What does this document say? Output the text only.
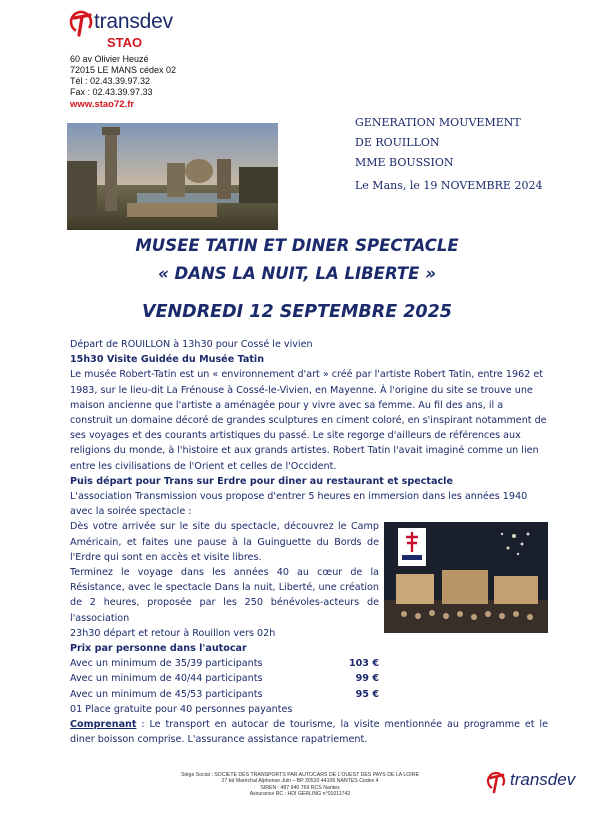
transdev
STAO
60 av Olivier Heuzé
72015 LE MANS cédex 02
Tél : 02.43.39.97.32
Fax : 02.43.39.97.33
www.stao72.fr
GENERATION MOUVEMENT
DE ROUILLON
MME BOUSSION
Le Mans, le 19 NOVEMBRE 2024
MUSEE TATIN ET DINER SPECTACLE
« DANS LA NUIT, LA LIBERTE »
VENDREDI 12 SEPTEMBRE 2025

Départ de ROUILLON à 13h30 pour Cossé le vivien

15h30 Visite Guidée du Musée Tatin

Le musée Robert-Tatin est un « environnement d'art » créé par l'artiste Robert Tatin, entre 1962 et 1983, sur le lieu-dit La Frénouse à Cossé-le-Vivien, en Mayenne. À l'origine du site se trouve une maison ancienne que l'artiste a aménagée pour y vivre avec sa femme. Au fil des ans, il a construit un domaine décoré de grandes sculptures en ciment coloré, en s'inspirant notamment de ses voyages et des courants artistiques du passé. Le site regorge d'ailleurs de références aux religions du monde, à l'histoire et aux grands artistes. Robert Tatin l'avait imaginé comme un lien entre les civilisations de l'Orient et celles de l'Occident.

Puis départ pour Trans sur Erdre pour diner au restaurant et spectacle

L'association Transmission vous propose d'entrer 5 heures en immersion dans les années 1940 avec la soirée spectacle :

Dès votre arrivée sur le site du spectacle, découvrez le Camp Américain, et faites une pause à la Guinguette du Bords de l'Erdre qui sont en accès et visite libres.

Terminez le voyage dans les années 40 au cœur de la Résistance, avec le spectacle Dans la nuit, Liberté, une création de 2 heures, proposée par les 250 bénévoles-acteurs de l'association

23h30 départ et retour à Rouillon vers 02h

Prix par personne dans l'autocar

Avec un minimum de 35/39 participants	103 €
Avec un minimum de 40/44 participants	99 €
Avec un minimum de 45/53 participants	95 €

01 Place gratuite pour 40 personnes payantes

Comprenant : Le transport en autocar de tourisme, la visite mentionnée au programme et le diner boisson comprise. L'assurance assistance rapatriement.

Siège Social : SOCIETE DES TRANSPORTS PAR AUTOCARS DE L'OUEST DES PAYS DE LA LOIRE
27 bd Maréchal Alphonse Juin – BP 30520 44105 NANTES Cedex 4
SIREN : 487 940 769 RCS Nantes
Assurance RC : HDI GERLING n°01011742
transdev
